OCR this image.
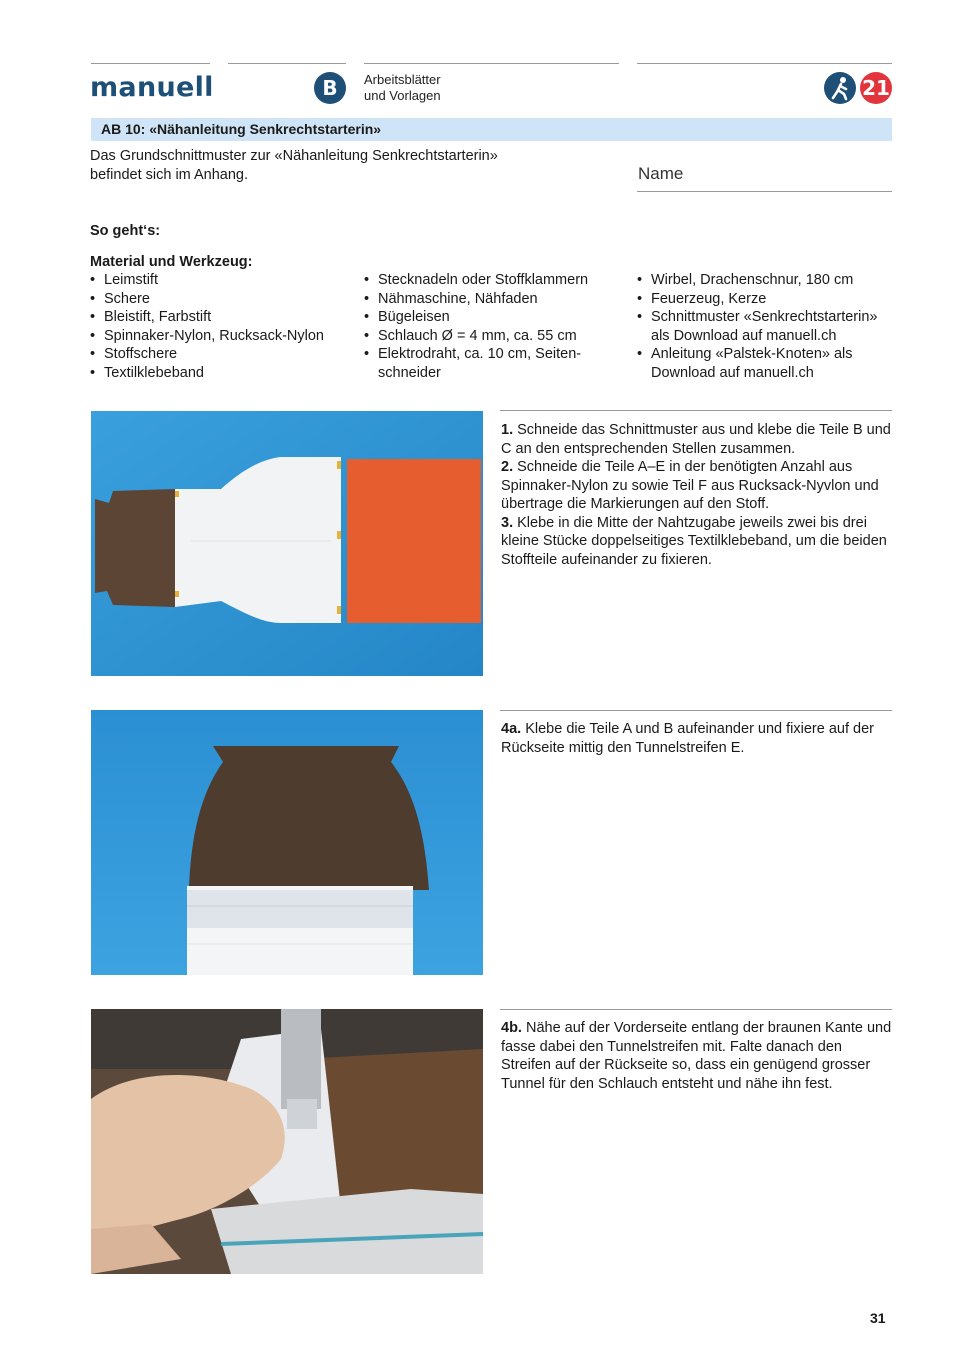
manuell	B	Arbeitsblätter
und Vorlagen	21
AB 10: «Nähanleitung Senkrechtstarterin»
Das Grundschnittmuster zur «Nähanleitung Senkrechtstarterin»
befindet sich im Anhang.	Name
So geht‘s:
Material und Werkzeug:
• Leimstift
• Schere
• Bleistift, Farbstift
• Spinnaker-Nylon, Rucksack-Nylon
• Stoffschere
• Textilklebeband
• Stecknadeln oder Stoffklammern
• Nähmaschine, Nähfaden
• Bügeleisen
• Schlauch Ø = 4 mm, ca. 55 cm
• Elektrodraht, ca. 10 cm, Seiten-
schneider
• Wirbel, Drachenschnur, 180 cm
• Feuerzeug, Kerze
• Schnittmuster «Senkrechtstarterin»
als Download auf manuell.ch
• Anleitung «Palstek-Knoten» als
Download auf manuell.ch
1. Schneide das Schnittmuster aus und klebe die Teile B und C an den entsprechenden Stellen zusammen.
2. Schneide die Teile A–E in der benötigten Anzahl aus Spinnaker-Nylon zu sowie Teil F aus Rucksack-Nyvlon und übertrage die Markierungen auf den Stoff.
3. Klebe in die Mitte der Nahtzugabe jeweils zwei bis drei kleine Stücke doppelseitiges Textilklebeband, um die beiden Stoffteile aufeinander zu fixieren.
4a. Klebe die Teile A und B aufeinander und fixiere auf der Rückseite mittig den Tunnelstreifen E.
4b. Nähe auf der Vorderseite entlang der braunen Kante und fasse dabei den Tunnelstreifen mit. Falte danach den Streifen auf der Rückseite so, dass ein genügend grosser Tunnel für den Schlauch entsteht und nähe ihn fest.
31
